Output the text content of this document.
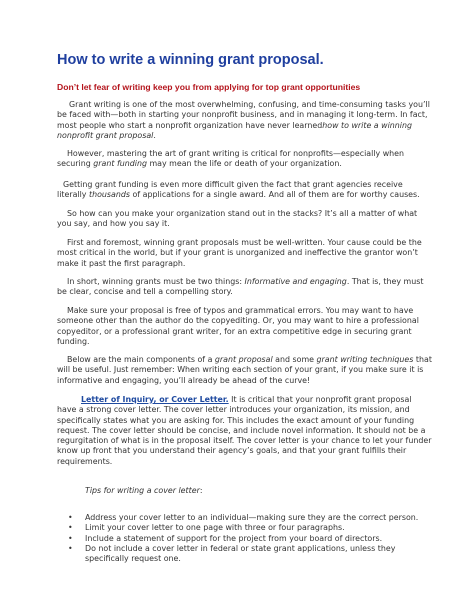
How to write a winning grant proposal.
Don’t let fear of writing keep you from applying for top grant opportunities

Grant writing is one of the most overwhelming, confusing, and time-consuming tasks you’ll be faced with—both in starting your nonprofit business, and in managing it long-term. In fact, most people who start a nonprofit organization have never learnedhow to write a winning nonprofit grant proposal.

However, mastering the art of grant writing is critical for nonprofits—especially when securing grant funding may mean the life or death of your organization.

Getting grant funding is even more difficult given the fact that grant agencies receive literally thousands of applications for a single award. And all of them are for worthy causes.

So how can you make your organization stand out in the stacks? It’s all a matter of what you say, and how you say it.

First and foremost, winning grant proposals must be well-written. Your cause could be the most critical in the world, but if your grant is unorganized and ineffective the grantor won’t make it past the first paragraph.

In short, winning grants must be two things: Informative and engaging. That is, they must be clear, concise and tell a compelling story.

Make sure your proposal is free of typos and grammatical errors. You may want to have someone other than the author do the copyediting. Or, you may want to hire a professional copyeditor, or a professional grant writer, for an extra competitive edge in securing grant funding.

Below are the main components of a grant proposal and some grant writing techniques that will be useful. Just remember: When writing each section of your grant, if you make sure it is informative and engaging, you’ll already be ahead of the curve!

Letter of Inquiry, or Cover Letter. It is critical that your nonprofit grant proposal have a strong cover letter. The cover letter introduces your organization, its mission, and specifically states what you are asking for. This includes the exact amount of your funding request. The cover letter should be concise, and include novel information. It should not be a regurgitation of what is in the proposal itself. The cover letter is your chance to let your funder know up front that you understand their agency’s goals, and that your grant fulfills their requirements.

Tips for writing a cover letter:

• Address your cover letter to an individual—making sure they are the correct person.
• Limit your cover letter to one page with three or four paragraphs.
• Include a statement of support for the project from your board of directors.
• Do not include a cover letter in federal or state grant applications, unless they specifically request one.
